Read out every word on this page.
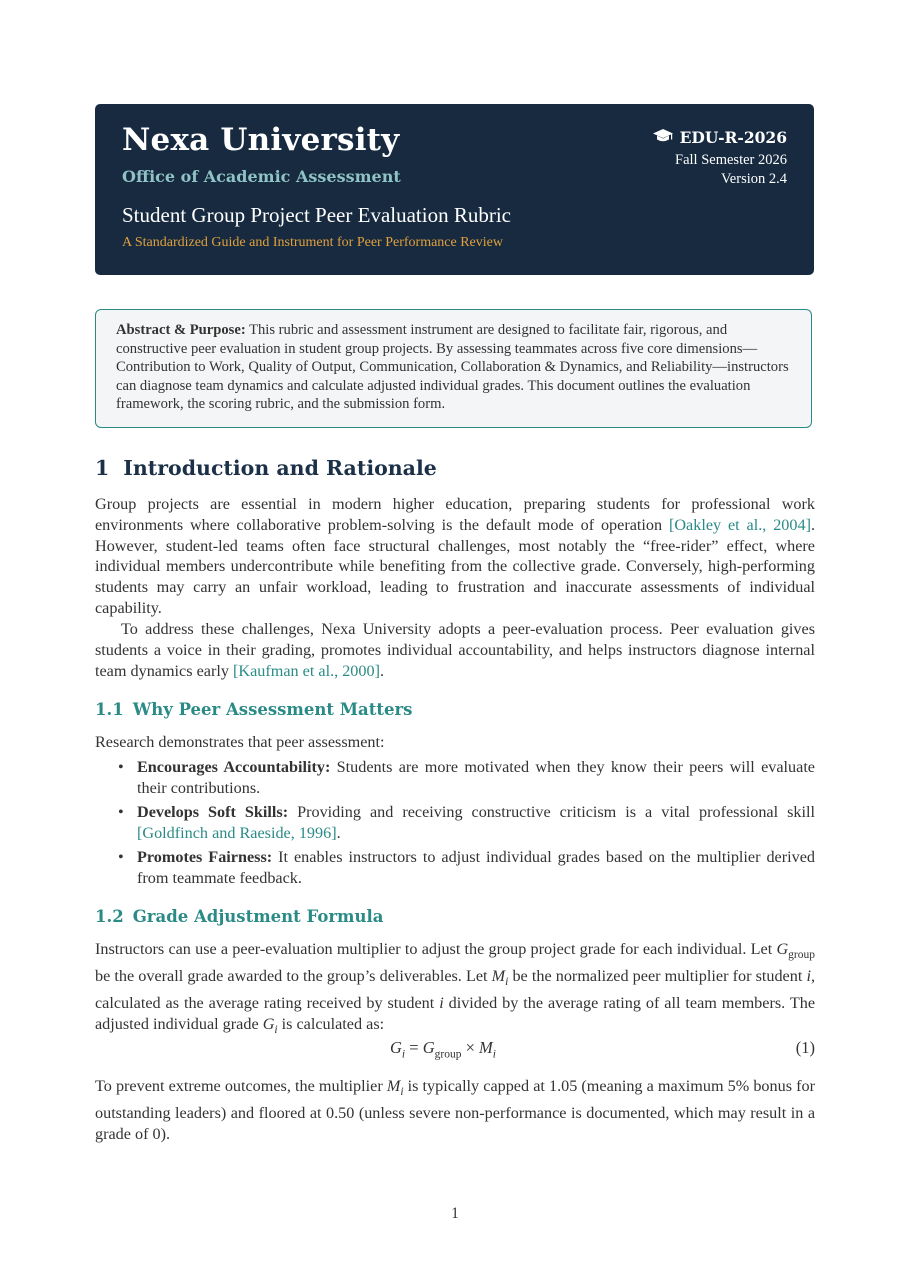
Nexa University
Office of Academic Assessment
Student Group Project Peer Evaluation Rubric
A Standardized Guide and Instrument for Peer Performance Review
EDU-R-2026
Fall Semester 2026
Version 2.4
Abstract & Purpose: This rubric and assessment instrument are designed to facilitate fair, rigorous, and constructive peer evaluation in student group projects. By assessing teammates across five core dimensions—Contribution to Work, Quality of Output, Communication, Collaboration & Dynamics, and Reliability—instructors can diagnose team dynamics and calculate adjusted individual grades. This document outlines the evaluation framework, the scoring rubric, and the submission form.
1 Introduction and Rationale

Group projects are essential in modern higher education, preparing students for professional work environments where collaborative problem-solving is the default mode of operation [Oakley et al., 2004]. However, student-led teams often face structural challenges, most notably the “free-rider” effect, where individual members undercontribute while benefiting from the collective grade. Conversely, high-performing students may carry an unfair workload, leading to frustration and inaccurate assessments of individual capability.

To address these challenges, Nexa University adopts a peer-evaluation process. Peer evaluation gives students a voice in their grading, promotes individual accountability, and helps instructors diagnose internal team dynamics early [Kaufman et al., 2000].

1.1 Why Peer Assessment Matters

Research demonstrates that peer assessment:

• Encourages Accountability: Students are more motivated when they know their peers will evaluate their contributions.
• Develops Soft Skills: Providing and receiving constructive criticism is a vital professional skill [Goldfinch and Raeside, 1996].
• Promotes Fairness: It enables instructors to adjust individual grades based on the multiplier derived from teammate feedback.
1.2 Grade Adjustment Formula

Instructors can use a peer-evaluation multiplier to adjust the group project grade for each individual. Let $G_{group}$ be the overall grade awarded to the group’s deliverables. Let $M_i$ be the normalized peer multiplier for student i, calculated as the average rating received by student i divided by the average rating of all team members. The adjusted individual grade $G_i$ is calculated as:

$G_i = G_{group} \times M_i$	(1)

To prevent extreme outcomes, the multiplier $M_i$ is typically capped at 1.05 (meaning a maximum 5% bonus for outstanding leaders) and floored at 0.50 (unless severe non-performance is documented, which may result in a grade of 0).

1
